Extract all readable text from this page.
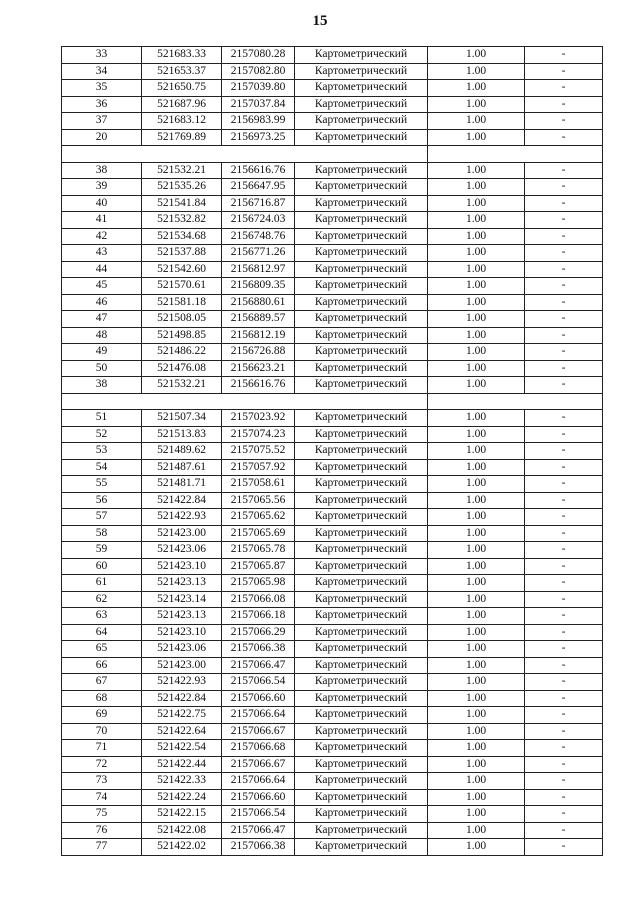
15
33	521683.33	2157080.28	Картометрический	1.00	-
34	521653.37	2157082.80	Картометрический	1.00	-
35	521650.75	2157039.80	Картометрический	1.00	-
36	521687.96	2157037.84	Картометрический	1.00	-
37	521683.12	2156983.99	Картометрический	1.00	-
20	521769.89	2156973.25	Картометрический	1.00	-

38	521532.21	2156616.76	Картометрический	1.00	-
39	521535.26	2156647.95	Картометрический	1.00	-
40	521541.84	2156716.87	Картометрический	1.00	-
41	521532.82	2156724.03	Картометрический	1.00	-
42	521534.68	2156748.76	Картометрический	1.00	-
43	521537.88	2156771.26	Картометрический	1.00	-
44	521542.60	2156812.97	Картометрический	1.00	-
45	521570.61	2156809.35	Картометрический	1.00	-
46	521581.18	2156880.61	Картометрический	1.00	-
47	521508.05	2156889.57	Картометрический	1.00	-
48	521498.85	2156812.19	Картометрический	1.00	-
49	521486.22	2156726.88	Картометрический	1.00	-
50	521476.08	2156623.21	Картометрический	1.00	-
38	521532.21	2156616.76	Картометрический	1.00	-

51	521507.34	2157023.92	Картометрический	1.00	-
52	521513.83	2157074.23	Картометрический	1.00	-
53	521489.62	2157075.52	Картометрический	1.00	-
54	521487.61	2157057.92	Картометрический	1.00	-
55	521481.71	2157058.61	Картометрический	1.00	-
56	521422.84	2157065.56	Картометрический	1.00	-
57	521422.93	2157065.62	Картометрический	1.00	-
58	521423.00	2157065.69	Картометрический	1.00	-
59	521423.06	2157065.78	Картометрический	1.00	-
60	521423.10	2157065.87	Картометрический	1.00	-
61	521423.13	2157065.98	Картометрический	1.00	-
62	521423.14	2157066.08	Картометрический	1.00	-
63	521423.13	2157066.18	Картометрический	1.00	-
64	521423.10	2157066.29	Картометрический	1.00	-
65	521423.06	2157066.38	Картометрический	1.00	-
66	521423.00	2157066.47	Картометрический	1.00	-
67	521422.93	2157066.54	Картометрический	1.00	-
68	521422.84	2157066.60	Картометрический	1.00	-
69	521422.75	2157066.64	Картометрический	1.00	-
70	521422.64	2157066.67	Картометрический	1.00	-
71	521422.54	2157066.68	Картометрический	1.00	-
72	521422.44	2157066.67	Картометрический	1.00	-
73	521422.33	2157066.64	Картометрический	1.00	-
74	521422.24	2157066.60	Картометрический	1.00	-
75	521422.15	2157066.54	Картометрический	1.00	-
76	521422.08	2157066.47	Картометрический	1.00	-
77	521422.02	2157066.38	Картометрический	1.00	-
